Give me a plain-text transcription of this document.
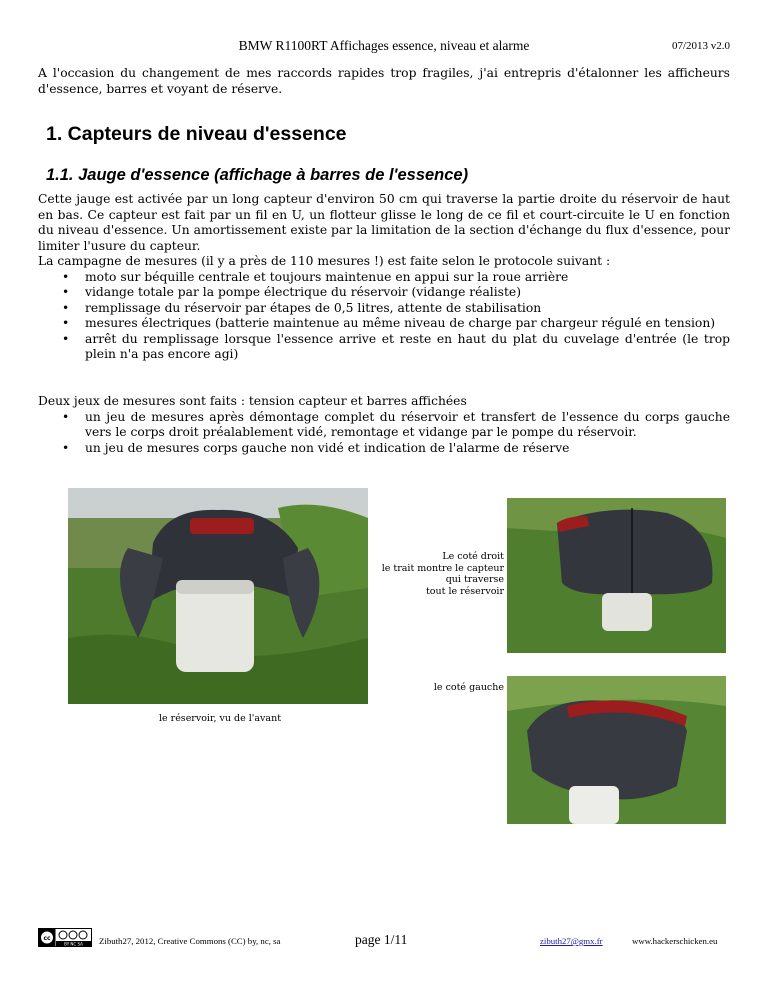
BMW R1100RT Affichages essence, niveau et alarme	07/2013 v2.0

A l'occasion du changement de mes raccords rapides trop fragiles, j'ai entrepris d'étalonner les afficheurs d'essence, barres et voyant de réserve.

1. Capteurs de niveau d'essence
1.1. Jauge d'essence (affichage à barres de l'essence)

Cette jauge est activée par un long capteur d'environ 50 cm qui traverse la partie droite du réservoir de haut en bas. Ce capteur est fait par un fil en U, un flotteur glisse le long de ce fil et court-circuite le U en fonction du niveau d'essence. Un amortissement existe par la limitation de la section d'échange du flux d'essence, pour limiter l'usure du capteur.

La campagne de mesures (il y a près de 110 mesures !) est faite selon le protocole suivant :

• moto sur béquille centrale et toujours maintenue en appui sur la roue arrière
• vidange totale par la pompe électrique du réservoir (vidange réaliste)
• remplissage du réservoir par étapes de 0,5 litres, attente de stabilisation
• mesures électriques (batterie maintenue au même niveau de charge par chargeur régulé en tension)
• arrêt du remplissage lorsque l'essence arrive et reste en haut du plat du cuvelage d'entrée (le trop plein n'a pas encore agi)

Deux jeux de mesures sont faits : tension capteur et barres affichées

• un jeu de mesures après démontage complet du réservoir et transfert de l'essence du corps gauche vers le corps droit préalablement vidé, remontage et vidange par le pompe du réservoir.
• un jeu de mesures corps gauche non vidé et indication de l'alarme de réserve
Le coté droit
le trait montre le capteur
qui traverse
tout le réservoir
le coté gauche
le réservoir, vu de l'avant
cc
BY NC SA Zibuth27, 2012, Creative Commons (CC) by, nc, sa	page 1/11	zibuth27@gmx.fr	www.hackerschicken.eu
